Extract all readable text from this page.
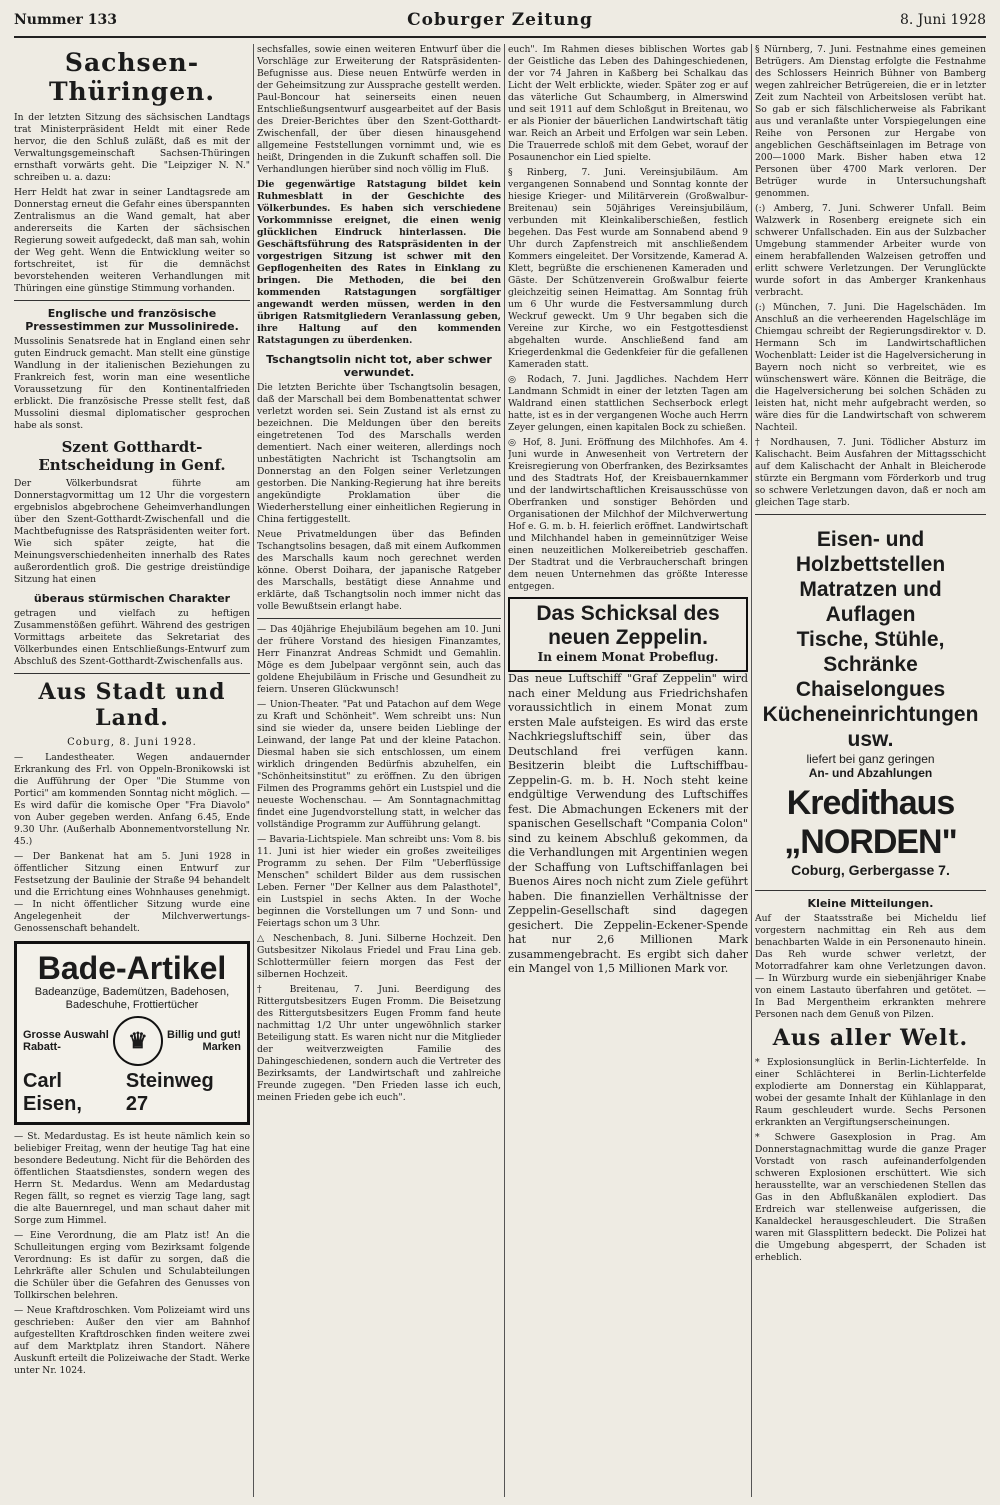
Nummer 133	Coburger Zeitung	8. Juni 1928
Sachsen-Thüringen.

In der letzten Sitzung des sächsischen Landtags trat Ministerpräsident Heldt mit einer Rede hervor, die den Schluß zuläßt, daß es mit der Verwaltungsgemeinschaft Sachsen-Thüringen ernsthaft vorwärts geht. Die "Leipziger N. N." schreiben u. a. dazu:

Herr Heldt hat zwar in seiner Landtagsrede am Donnerstag erneut die Gefahr eines überspannten Zentralismus an die Wand gemalt, hat aber andererseits die Karten der sächsischen Regierung soweit aufgedeckt, daß man sah, wohin der Weg geht. Wenn die Entwicklung weiter so fortschreitet, ist für die demnächst bevorstehenden weiteren Verhandlungen mit Thüringen eine günstige Stimmung vorhanden.

Englische und französische Pressestimmen zur Mussolinirede.

Mussolinis Senatsrede hat in England einen sehr guten Eindruck gemacht. Man stellt eine günstige Wandlung in der italienischen Beziehungen zu Frankreich fest, worin man eine wesentliche Voraussetzung für den Kontinentalfrieden erblickt. Die französische Presse stellt fest, daß Mussolini diesmal diplomatischer gesprochen habe als sonst.

Szent Gotthardt-Entscheidung in Genf.

Der Völkerbundsrat führte am Donnerstagvormittag um 12 Uhr die vorgestern ergebnislos abgebrochene Geheimverhandlungen über den Szent-Gotthardt-Zwischenfall und die Machtbefugnisse des Ratspräsidenten weiter fort. Wie sich später zeigte, hat die Meinungsverschiedenheiten innerhalb des Rates außerordentlich groß. Die gestrige dreistündige Sitzung hat einen

überaus stürmischen Charakter

getragen und vielfach zu heftigen Zusammenstößen geführt. Während des gestrigen Vormittags arbeitete das Sekretariat des Völkerbundes einen Entschließungs-Entwurf zum Abschluß des Szent-Gotthardt-Zwischenfalls aus.

Aus Stadt und Land.
Coburg, 8. Juni 1928.

— Landestheater. Wegen andauernder Erkrankung des Frl. von Oppeln-Bronikowski ist die Aufführung der Oper "Die Stumme von Portici" am kommenden Sonntag nicht möglich. — Es wird dafür die komische Oper "Fra Diavolo" von Auber gegeben werden. Anfang 6.45, Ende 9.30 Uhr. (Außerhalb Abonnementvorstellung Nr. 45.)

— Der Bankenat hat am 5. Juni 1928 in öffentlicher Sitzung einen Entwurf zur Festsetzung der Bauliniе der Straße 94 behandelt und die Errichtung eines Wohnhauses genehmigt. — In nicht öffentlicher Sitzung wurde eine Angelegenheit der Milchverwertungs-Genossenschaft behandelt.

Bade-Artikel
Badeanzüge, Bademützen, Badehosen,
Badeschuhe, Frottiertücher
Grosse Auswahl
Rabatt-	♛	Billig und gut!
Marken
Carl Eisen,
Steinweg 27

— St. Medardustag. Es ist heute nämlich kein so beliebiger Freitag, wenn der heutige Tag hat eine besondere Bedeutung. Nicht für die Behörden des öffentlichen Staatsdienstes, sondern wegen des Herrn St. Medardus. Wenn am Medardustag Regen fällt, so regnet es vierzig Tage lang, sagt die alte Bauernregel, und man schaut daher mit Sorge zum Himmel.

— Eine Verordnung, die am Platz ist! An die Schulleitungen erging vom Bezirksamt folgende Verordnung: Es ist dafür zu sorgen, daß die Lehrkräfte aller Schulen und Schulabteilungen die Schüler über die Gefahren des Genusses von Tollkirschen belehren.

— Neue Kraftdroschken. Vom Polizeiamt wird uns geschrieben: Außer den vier am Bahnhof aufgestellten Kraftdroschken finden weitere zwei auf dem Marktplatz ihren Standort. Nähere Auskunft erteilt die Polizeiwache der Stadt. Werke unter Nr. 1024.

sechsfalles, sowie einen weiteren Entwurf über die Vorschläge zur Erweiterung der Ratspräsidenten-Befugnisse aus. Diese neuen Entwürfe werden in der Geheimsitzung zur Aussprache gestellt werden. Paul-Boncour hat seinerseits einen neuen Entschließungsentwurf ausgearbeitet auf der Basis des Dreier-Berichtes über den Szent-Gotthardt-Zwischenfall, der über diesen hinausgehend allgemeine Feststellungen vornimmt und, wie es heißt, Dringenden in die Zukunft schaffen soll. Die Verhandlungen hierüber sind noch völlig im Fluß.

Die gegenwärtige Ratstagung bildet kein Ruhmesblatt in der Geschichte des Völkerbundes. Es haben sich verschiedene Vorkommnisse ereignet, die einen wenig glücklichen Eindruck hinterlassen. Die Geschäftsführung des Ratspräsidenten in der vorgestrigen Sitzung ist schwer mit den Gepflogenheiten des Rates in Einklang zu bringen. Die Methoden, die bei den kommenden Ratstagungen sorgfältiger angewandt werden müssen, werden in den übrigen Ratsmitgliedern Veranlassung geben, ihre Haltung auf den kommenden Ratstagungen zu überdenken.

Tschangtsolin nicht tot, aber schwer verwundet.

Die letzten Berichte über Tschangtsolin besagen, daß der Marschall bei dem Bombenattentat schwer verletzt worden sei. Sein Zustand ist als ernst zu bezeichnen. Die Meldungen über den bereits eingetretenen Tod des Marschalls werden dementiert. Nach einer weiteren, allerdings noch unbestätigten Nachricht ist Tschangtsolin am Donnerstag an den Folgen seiner Verletzungen gestorben. Die Nanking-Regierung hat ihre bereits angekündigte Proklamation über die Wiederherstellung einer einheitlichen Regierung in China fertiggestellt.

Neue Privatmeldungen über das Befinden Tschangtsolins besagen, daß mit einem Aufkommen des Marschalls kaum noch gerechnet werden könne. Oberst Doihara, der japanische Ratgeber des Marschalls, bestätigt diese Annahme und erklärte, daß Tschangtsolin noch immer nicht das volle Bewußtsein erlangt habe.

— Das 40jährige Ehejubiläum begehen am 10. Juni der frühere Vorstand des hiesigen Finanzamtes, Herr Finanzrat Andreas Schmidt und Gemahlin. Möge es dem Jubelpaar vergönnt sein, auch das goldene Ehejubiläum in Frische und Gesundheit zu feiern. Unseren Glückwunsch!

— Union-Theater. "Pat und Patachon auf dem Wege zu Kraft und Schönheit". Wem schreibt uns: Nun sind sie wieder da, unsere beiden Lieblinge der Leinwand, der lange Pat und der kleine Patachon. Diesmal haben sie sich entschlossen, um einem wirklich dringenden Bedürfnis abzuhelfen, ein "Schönheitsinstitut" zu eröffnen. Zu den übrigen Filmen des Programms gehört ein Lustspiel und die neueste Wochenschau. — Am Sonntagnachmittag findet eine Jugendvorstellung statt, in welcher das vollständige Programm zur Aufführung gelangt.

— Bavaria-Lichtspiele. Man schreibt uns: Vom 8. bis 11. Juni ist hier wieder ein großes zweiteiliges Programm zu sehen. Der Film "Ueberflüssige Menschen" schildert Bilder aus dem russischen Leben. Ferner "Der Kellner aus dem Palasthotel", ein Lustspiel in sechs Akten. In der Woche beginnen die Vorstellungen um 7 und Sonn- und Feiertags schon um 3 Uhr.

△ Neschenbach, 8. Juni. Silberne Hochzeit. Den Gutsbesitzer Nikolaus Friedel und Frau Lina geb. Schlottermüller feiern morgen das Fest der silbernen Hochzeit.

† Breitenau, 7. Juni. Beerdigung des Rittergutsbesitzers Eugen Fromm. Die Beisetzung des Rittergutsbesitzers Eugen Fromm fand heute nachmittag 1/2 Uhr unter ungewöhnlich starker Beteiligung statt. Es waren nicht nur die Mitglieder der weitverzweigten Familie des Dahingeschiedenen, sondern auch die Vertreter des Bezirksamts, der Landwirtschaft und zahlreiche Freunde zugegen. "Den Frieden lasse ich euch, meinen Frieden gebe ich euch".

euch". Im Rahmen dieses biblischen Wortes gab der Geistliche das Leben des Dahingeschiedenen, der vor 74 Jahren in Kaßberg bei Schalkau das Licht der Welt erblickte, wieder. Später zog er auf das väterliche Gut Schaumberg, in Almerswind und seit 1911 auf dem Schloßgut in Breitenau, wo er als Pionier der bäuerlichen Landwirtschaft tätig war. Reich an Arbeit und Erfolgen war sein Leben. Die Trauerrede schloß mit dem Gebet, worauf der Posaunenchor ein Lied spielte.

§ Rinberg, 7. Juni. Vereinsjubiläum. Am vergangenen Sonnabend und Sonntag konnte der hiesige Krieger- und Militärverein (Großwalbur-Breitenau) sein 50jähriges Vereinsjubiläum, verbunden mit Kleinkalibеrschießen, festlich begehen. Das Fest wurde am Sonnabend abend 9 Uhr durch Zapfenstreich mit anschließendem Kommers eingeleitet. Der Vorsitzende, Kamerad A. Klett, begrüßte die erschienenen Kameraden und Gäste. Der Schützenverein Großwalbur feierte gleichzeitig seinen Heimattag. Am Sonntag früh um 6 Uhr wurde die Festversammlung durch Weckruf geweckt. Um 9 Uhr begaben sich die Vereine zur Kirche, wo ein Festgottesdienst abgehalten wurde. Anschließend fand am Kriegerdenkmal die Gedenkfeier für die gefallenen Kameraden statt.

◎ Rodach, 7. Juni. Jagdliches. Nachdem Herr Landmann Schmidt in einer der letzten Tagen am Waldrand einen stattlichen Sechserbock erlegt hatte, ist es in der vergangenen Woche auch Herrn Zeyer gelungen, einen kapitalen Bock zu schießen.

◎ Hof, 8. Juni. Eröffnung des Milchhofes. Am 4. Juni wurde in Anwesenheit von Vertretern der Kreisregierung von Oberfranken, des Bezirksamtes und des Stadtrats Hof, der Kreisbauernkammer und der landwirtschaftlichen Kreisausschüsse von Oberfranken und sonstiger Behörden und Organisationen der Milchhof der Milchverwertung Hof e. G. m. b. H. feierlich eröffnet. Landwirtschaft und Milchhandel haben in gemeinnütziger Weise einen neuzeitlichen Molkereibetrieb geschaffen. Der Stadtrat und die Verbraucherschaft bringen dem neuen Unternehmen das größte Interesse entgegen.

Das Schicksal des neuen Zeppelin.
In einem Monat Probeflug.

Das neue Luftschiff "Graf Zeppelin" wird nach einer Meldung aus Friedrichshafen voraussichtlich in einem Monat zum ersten Male aufsteigen. Es wird das erste Nachkriegsluftschiff sein, über das Deutschland frei verfügen kann. Besitzerin bleibt die Luftschiffbau-Zeppelin-G. m. b. H. Noch steht keine endgültige Verwendung des Luftschiffes fest. Die Abmachungen Eckeners mit der spanischen Gesellschaft "Compania Colon" sind zu keinem Abschluß gekommen, da die Verhandlungen mit Argentinien wegen der Schaffung von Luftschiffanlagen bei Buenos Aires noch nicht zum Ziele geführt haben. Die finanziellen Verhältnisse der Zeppelin-Gesellschaft sind dagegen gesichert. Die Zeppelin-Eckener-Spende hat nur 2,6 Millionen Mark zusammengebracht. Es ergibt sich daher ein Mangel von 1,5 Millionen Mark vor.

§ Nürnberg, 7. Juni. Festnahme eines gemeinen Betrügers. Am Dienstag erfolgte die Festnahme des Schlossers Heinrich Bühner von Bamberg wegen zahlreicher Betrügereien, die er in letzter Zeit zum Nachteil von Arbeitslosen verübt hat. So gab er sich fälschlicherweise als Fabrikant aus und veranlaßte unter Vorspiegelungen eine Reihe von Personen zur Hergabe von angeblichen Geschäftseinlagen im Betrage von 200—1000 Mark. Bisher haben etwa 12 Personen über 4700 Mark verloren. Der Betrüger wurde in Untersuchungshaft genommen.

(:) Amberg, 7. Juni. Schwerer Unfall. Beim Walzwerk in Rosenberg ereignete sich ein schwerer Unfallschaden. Ein aus der Sulzbacher Umgebung stammender Arbeiter wurde von einem herabfallenden Walzeisen getroffen und erlitt schwere Verletzungen. Der Verunglückte wurde sofort in das Amberger Krankenhaus verbracht.

(:) München, 7. Juni. Die Hagelschäden. Im Anschluß an die verheerenden Hagelschläge im Chiemgau schreibt der Regierungsdirektor v. D. Hermann Sch im Landwirtschaftlichen Wochenblatt: Leider ist die Hagelversicherung in Bayern noch nicht so verbreitet, wie es wünschenswert wäre. Können die Beiträge, die die Hagelversicherung bei solchen Schäden zu leisten hat, nicht mehr aufgebracht werden, so wäre dies für die Landwirtschaft von schwerem Nachteil.

† Nordhausen, 7. Juni. Tödlicher Absturz im Kalischacht. Beim Ausfahren der Mittagsschicht auf dem Kalischacht der Anhalt in Bleicherode stürzte ein Bergmann vom Förderkorb und trug so schwere Verletzungen davon, daß er noch am gleichen Tage starb.

Eisen- und Holzbettstellen
Matratzen und Auflagen
Tische, Stühle, Schränke
Chaiselongues
Kücheneinrichtungen usw.
liefert bei ganz geringen
An- und Abzahlungen
Kredithaus „NORDEN"
Coburg, Gerbergasse 7.
Kleine Mitteilungen.

Auf der Staatsstraße bei Micheldu lief vorgestern nachmittag ein Reh aus dem benachbarten Walde in ein Personenauto hinein. Das Reh wurde schwer verletzt, der Motorradfahrer kam ohne Verletzungen davon. — In Würzburg wurde ein siebenjähriger Knabe von einem Lastauto überfahren und getötet. — In Bad Mergentheim erkrankten mehrere Personen nach dem Genuß von Pilzen.

Aus aller Welt.

* Explosionsunglück in Berlin-Lichterfelde. In einer Schlächterei in Berlin-Lichterfelde explodierte am Donnerstag ein Kühlapparat, wobei der gesamte Inhalt der Kühlanlage in den Raum geschleudert wurde. Sechs Personen erkrankten an Vergiftungserscheinungen.

* Schwere Gasexplosion in Prag. Am Donnerstagnachmittag wurde die ganze Prager Vorstadt von rasch aufeinanderfolgenden schweren Explosionen erschüttert. Wie sich herausstellte, war an verschiedenen Stellen das Gas in den Abflußkanälen explodiert. Das Erdreich war stellenweise aufgerissen, die Kanaldeckel herausgeschleudert. Die Straßen waren mit Glassplittern bedeckt. Die Polizei hat die Umgebung abgesperrt, der Schaden ist erheblich.
